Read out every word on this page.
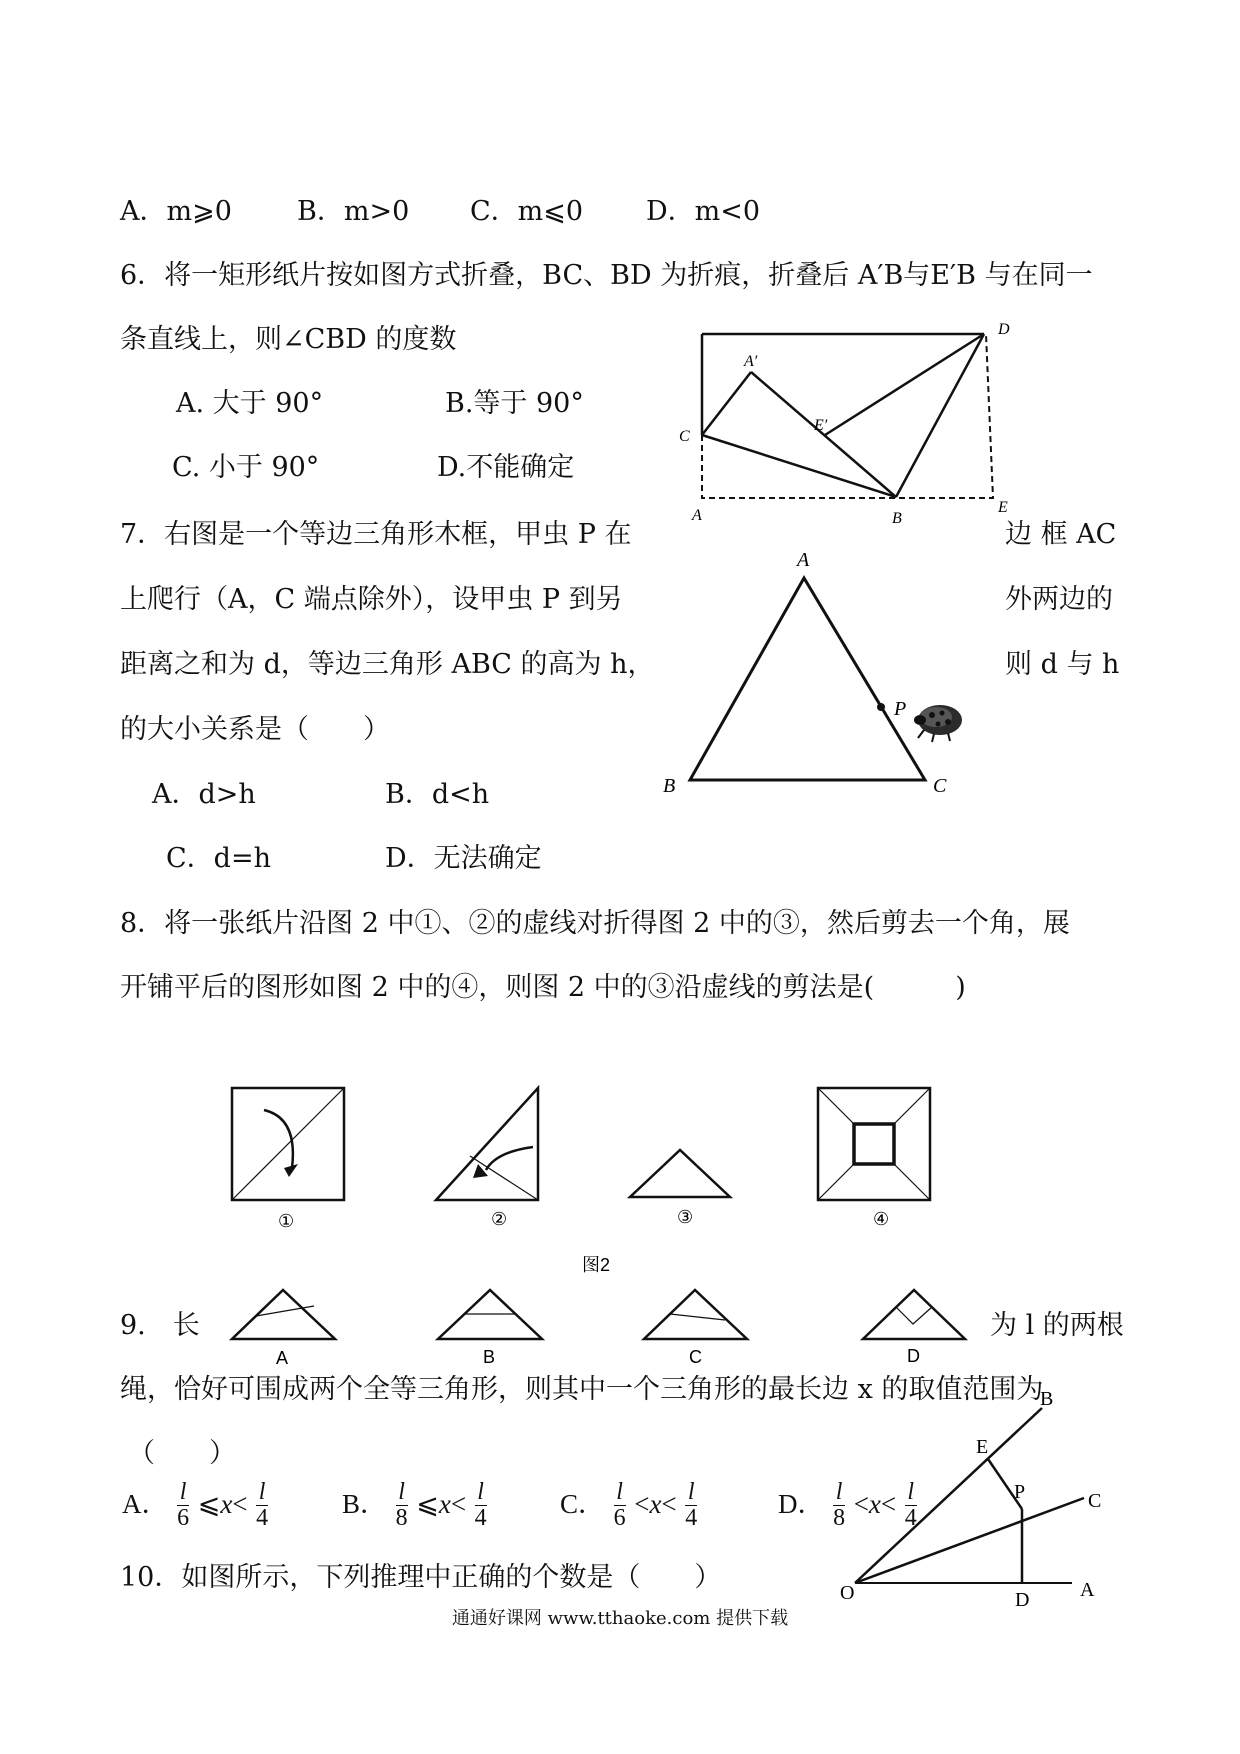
A．m⩾0 B．m>0 C．m⩽0 D．m<0
6．将一矩形纸片按如图方式折叠，BC、BD 为折痕，折叠后 A′B与E′B 与在同一
条直线上，则∠CBD 的度数
A. 大于 90°	B.等于 90°
C. 小于 90°	D.不能确定
D
A′
E′
C
A	B
E
7．右图是一个等边三角形木框，甲虫 P 在	边 框 AC
上爬行（A，C 端点除外），设甲虫 P 到另	外两边的
距离之和为 d，等边三角形 ABC 的高为 h，	则 d 与 h
的大小关系是（　　）
A．d>h	B．d<h
C．d=h	D．无法确定
A
P
B	C
8．将一张纸片沿图 2 中①、②的虚线对折得图 2 中的③，然后剪去一个角，展
开铺平后的图形如图 2 中的④，则图 2 中的③沿虚线的剪法是(　　　)
①	②	③	④
图2
9.　长	为 l 的两根
A	B	C	D
绳，恰好可围成两个全等三角形，则其中一个三角形的最长边 x 的取值范围为
（　　）
A． $\frac{l}{6}$ ⩽x< $\frac{l}{4}$	B． $\frac{l}{8}$ ⩽x< $\frac{l}{4}$	C． $\frac{l}{6} <x< \frac{l}{4}$	D． $\frac{l}{8} <x< \frac{l}{4}$
10．如图所示，下列推理中正确的个数是（　　）
B
E
C
P
O	D	A
通通好课网 www.tthaoke.com 提供下载
